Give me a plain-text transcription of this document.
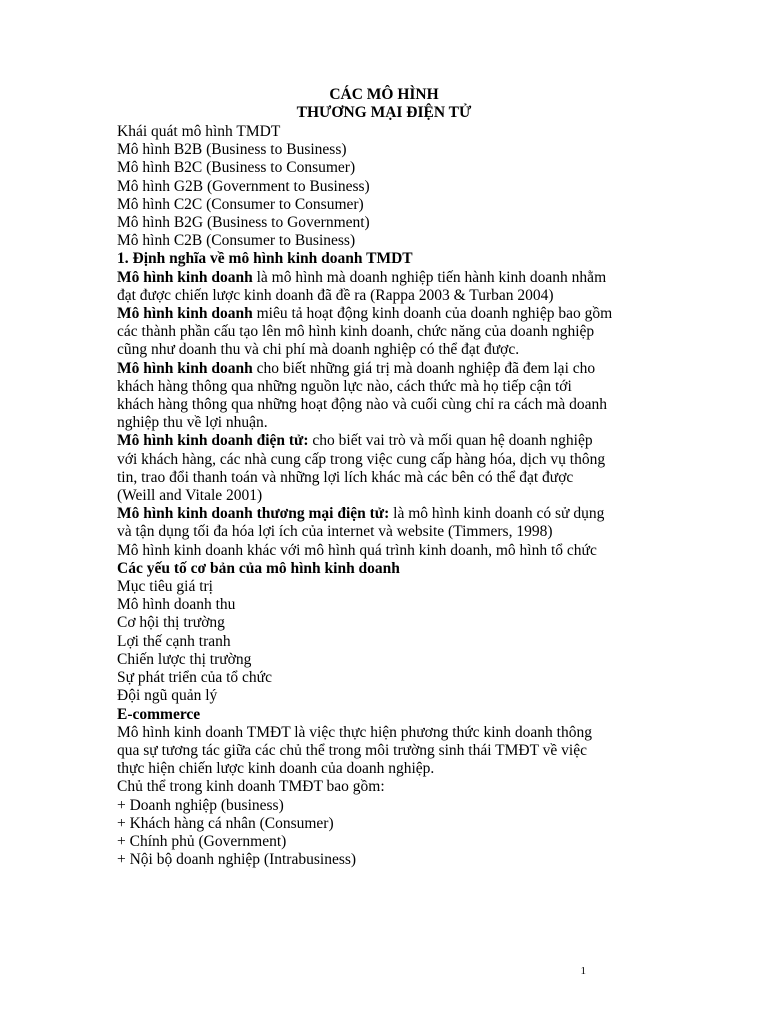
CÁC MÔ HÌNH
THƯƠNG MẠI ĐIỆN TỬ
Khái quát mô hình TMDT
Mô hình B2B (Business to Business)
Mô hình B2C (Business to Consumer)
Mô hình G2B (Government to Business)
Mô hình C2C (Consumer to Consumer)
Mô hình B2G (Business to Government)
Mô hình C2B (Consumer to Business)
1. Định nghĩa về mô hình kinh doanh TMDT
Mô hình kinh doanh là mô hình mà doanh nghiệp tiến hành kinh doanh nhằm
đạt được chiến lược kinh doanh đã đề ra (Rappa 2003 & Turban 2004)
Mô hình kinh doanh miêu tả hoạt động kinh doanh của doanh nghiệp bao gồm
các thành phần cấu tạo lên mô hình kinh doanh, chức năng của doanh nghiệp
cũng như doanh thu và chi phí mà doanh nghiệp có thể đạt được.
Mô hình kinh doanh cho biết những giá trị mà doanh nghiệp đã đem lại cho
khách hàng thông qua những nguồn lực nào, cách thức mà họ tiếp cận tới
khách hàng thông qua những hoạt động nào và cuối cùng chỉ ra cách mà doanh
nghiệp thu về lợi nhuận.
Mô hình kinh doanh điện tử: cho biết vai trò và mối quan hệ doanh nghiệp
với khách hàng, các nhà cung cấp trong việc cung cấp hàng hóa, dịch vụ thông
tin, trao đổi thanh toán và những lợi lích khác mà các bên có thể đạt được
(Weill and Vitale 2001)
Mô hình kinh doanh thương mại điện tử: là mô hình kinh doanh có sử dụng
và tận dụng tối đa hóa lợi ích của internet và website (Timmers, 1998)
Mô hình kinh doanh khác với mô hình quá trình kinh doanh, mô hình tổ chức
Các yếu tố cơ bản của mô hình kinh doanh
Mục tiêu giá trị
Mô hình doanh thu
Cơ hội thị trường
Lợi thế cạnh tranh
Chiến lược thị trường
Sự phát triển của tổ chức
Đội ngũ quản lý
E-commerce
Mô hình kinh doanh TMĐT là việc thực hiện phương thức kinh doanh thông
qua sự tương tác giữa các chủ thể trong môi trường sinh thái TMĐT về việc
thực hiện chiến lược kinh doanh của doanh nghiệp.
Chủ thể trong kinh doanh TMĐT bao gồm:
+ Doanh nghiệp (business)
+ Khách hàng cá nhân (Consumer)
+ Chính phủ (Government)
+ Nội bộ doanh nghiệp (Intrabusiness)
1
